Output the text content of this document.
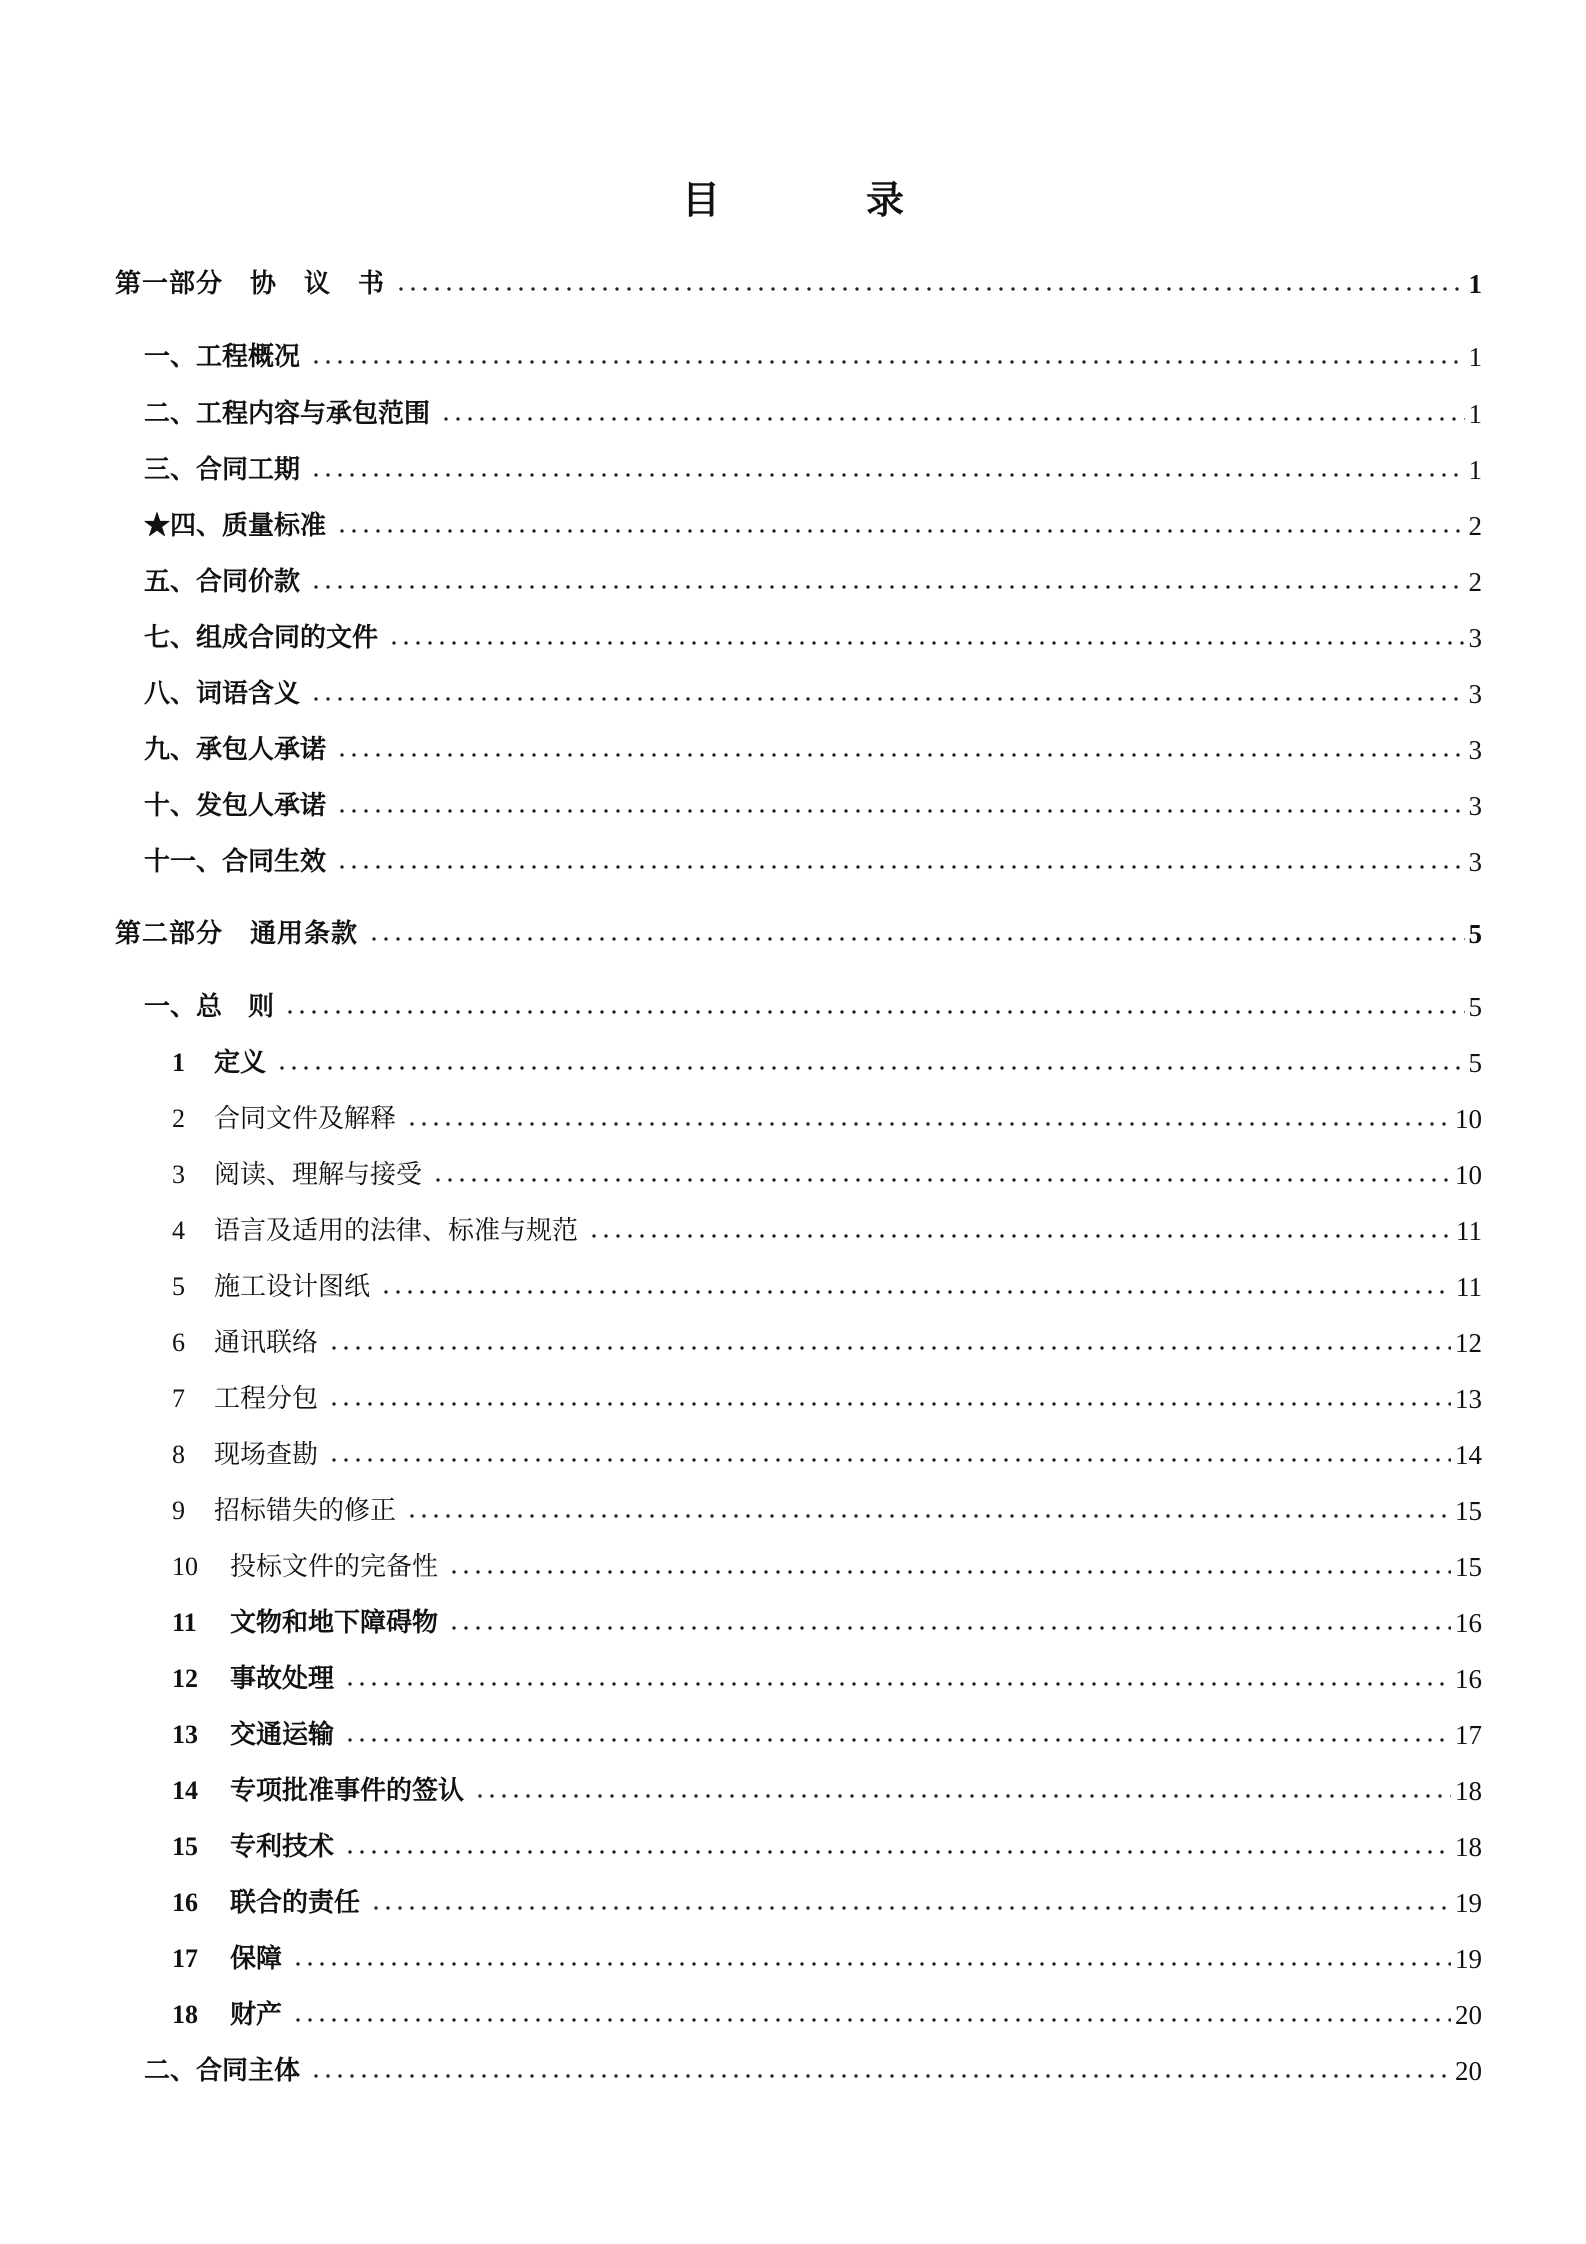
目　录
第一部分　协　议　书	1
一、工程概况	1
二、工程内容与承包范围	1
三、合同工期	1
★四、质量标准	2
五、合同价款	2
七、组成合同的文件	3
八、词语含义	3
九、承包人承诺	3
十、发包人承诺	3
十一、合同生效	3
第二部分　通用条款	5
一、总　则	5
1 定义	5
2 合同文件及解释	10
3 阅读、理解与接受	10
4 语言及适用的法律、标准与规范	11
5 施工设计图纸	11
6 通讯联络	12
7 工程分包	13
8 现场查勘	14
9 招标错失的修正	15
10 投标文件的完备性	15
11 文物和地下障碍物	16
12 事故处理	16
13 交通运输	17
14 专项批准事件的签认	18
15 专利技术	18
16 联合的责任	19
17 保障	19
18 财产	20
二、合同主体	20
